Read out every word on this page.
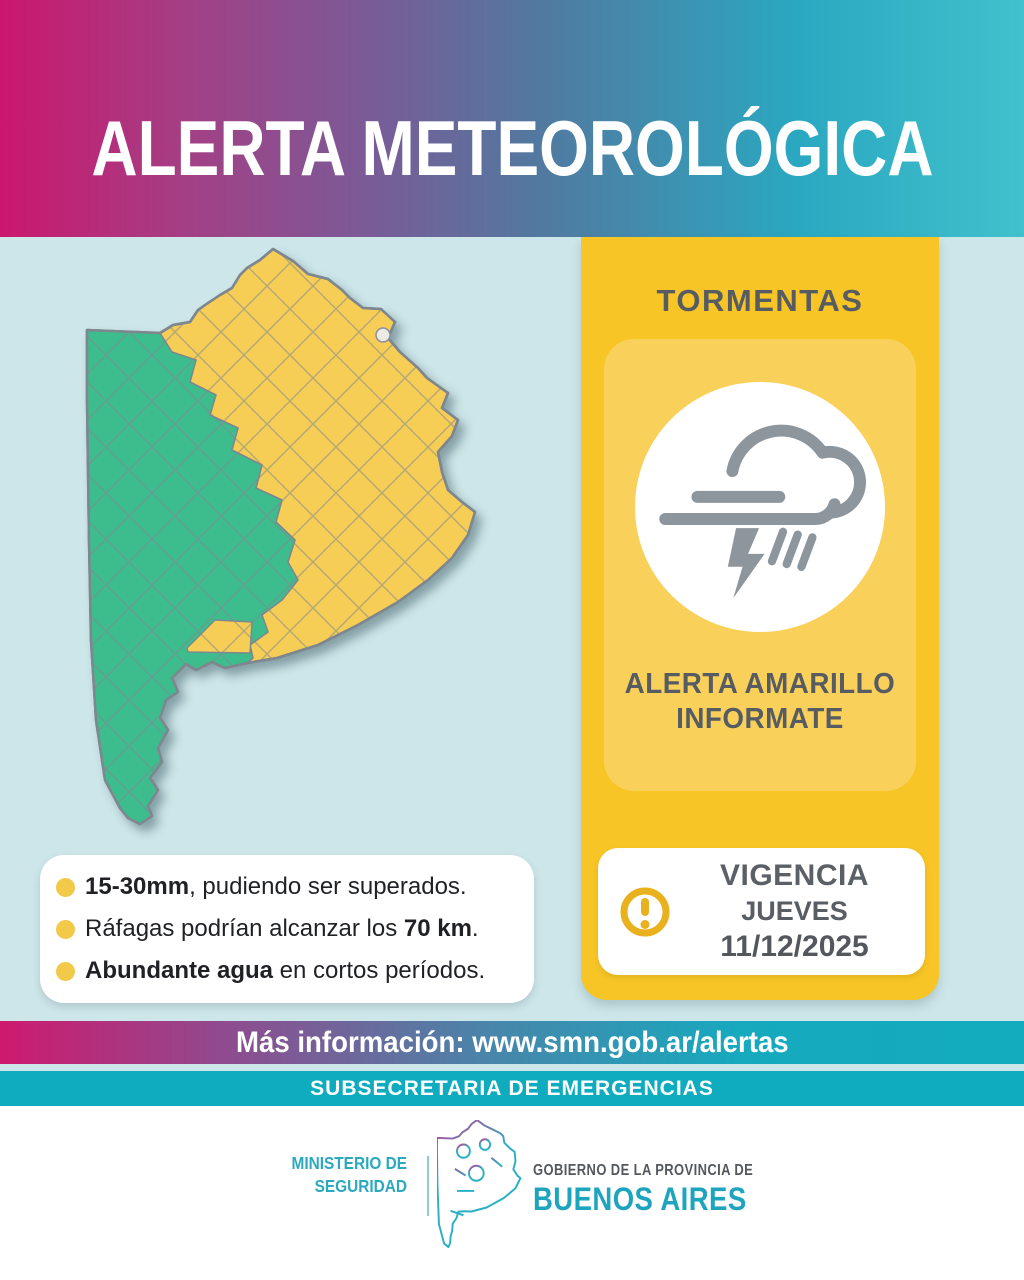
ALERTA METEOROLÓGICA
TORMENTAS
ALERTA AMARILLO
INFORMATE
VIGENCIA
JUEVES
11/12/2025
15-30mm, pudiendo ser superados.
Ráfagas podrían alcanzar los 70 km.
Abundante agua en cortos períodos.
Más información: www.smn.gob.ar/alertas
SUBSECRETARIA DE EMERGENCIAS
MINISTERIO DE
SEGURIDAD
GOBIERNO DE LA PROVINCIA DE
BUENOS AIRES
